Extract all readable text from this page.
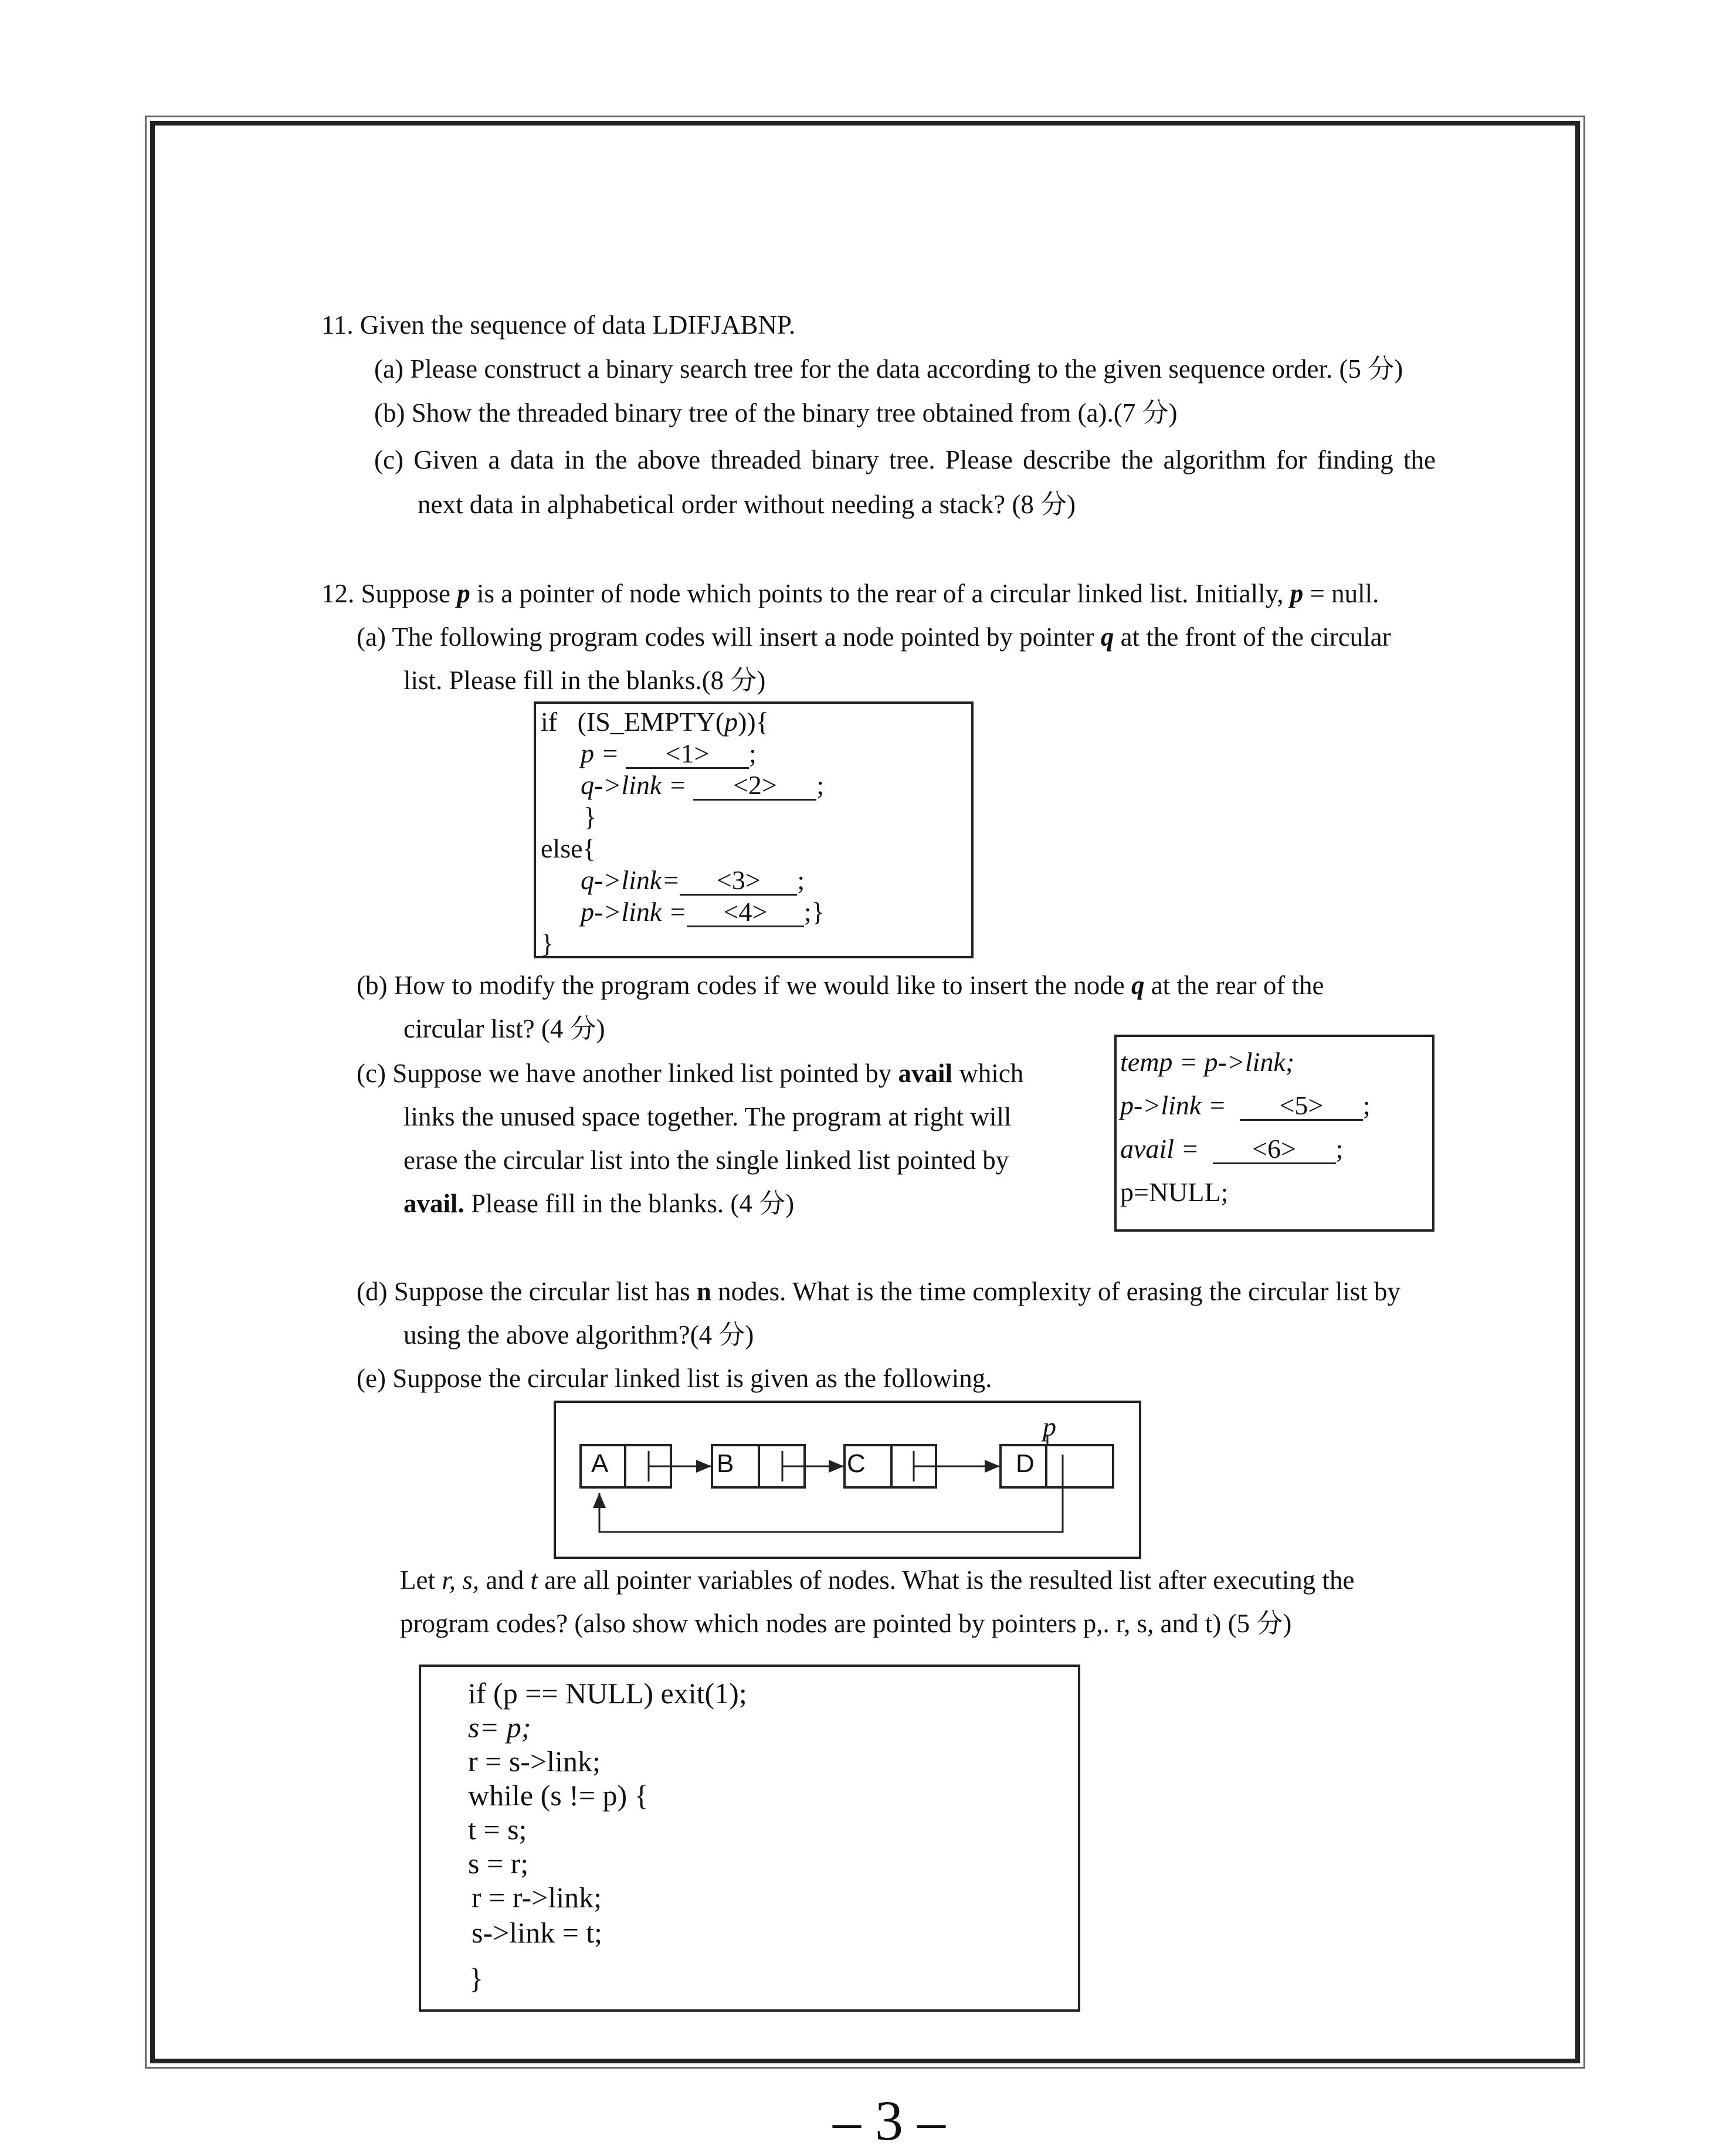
11. Given the sequence of data LDIFJABNP.
(a) Please construct a binary search tree for the data according to the given sequence order. (5 分)
(b) Show the threaded binary tree of the binary tree obtained from (a).(7 分)
(c) Given a data in the above threaded binary tree. Please describe the algorithm for finding the
next data in alphabetical order without needing a stack? (8 分)
12. Suppose p is a pointer of node which points to the rear of a circular linked list. Initially, p = null.
(a) The following program codes will insert a node pointed by pointer q at the front of the circular
list. Please fill in the blanks.(8 分)
if (IS_EMPTY(p)){
p = <1> ;
q->link = <2> ;
}
else{
q->link= <3> ;
p->link = <4> ;}
}
(b) How to modify the program codes if we would like to insert the node q at the rear of the
circular list? (4 分)
(c) Suppose we have another linked list pointed by avail which
links the unused space together. The program at right will
erase the circular list into the single linked list pointed by
avail. Please fill in the blanks. (4 分)
temp = p->link;
p->link = <5> ;
avail = <6> ;
p=NULL;
(d) Suppose the circular list has n nodes. What is the time complexity of erasing the circular list by
using the above algorithm?(4 分)
(e) Suppose the circular linked list is given as the following.
A	B	C	D
p
Let r, s, and t are all pointer variables of nodes. What is the resulted list after executing the
program codes? (also show which nodes are pointed by pointers p,. r, s, and t) (5 分)
if (p == NULL) exit(1);
s= p;
r = s->link;
while (s != p) {
t = s;
s = r;
r = r->link;
s->link = t;
}
– 3 –
